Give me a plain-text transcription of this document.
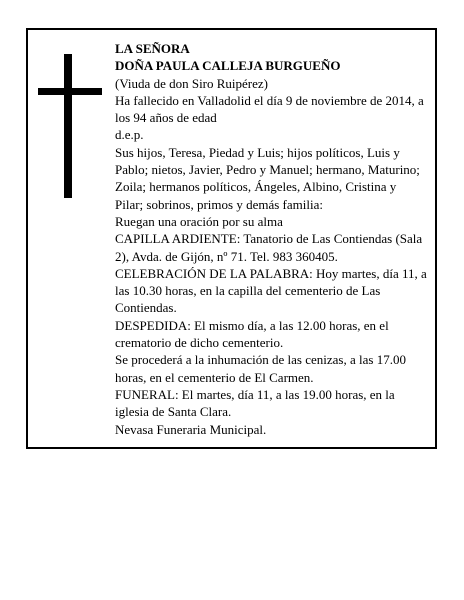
LA SEÑORA

DOÑA PAULA CALLEJA BURGUEÑO

(Viuda de don Siro Ruipérez)

Ha fallecido en Valladolid el día 9 de noviembre de 2014, a los 94 años de edad

d.e.p.

Sus hijos, Teresa, Piedad y Luis; hijos políticos, Luis y Pablo; nietos, Javier, Pedro y Manuel; hermano, Maturino; Zoila; hermanos políticos, Ángeles, Albino, Cristina y Pilar; sobrinos, primos y demás familia:

Ruegan una oración por su alma

CAPILLA ARDIENTE: Tanatorio de Las Contiendas (Sala 2), Avda. de Gijón, nº 71. Tel. 983 360405.

CELEBRACIÓN DE LA PALABRA: Hoy martes, día 11, a las 10.30 horas, en la capilla del cementerio de Las Contiendas.

DESPEDIDA: El mismo día, a las 12.00 horas, en el crematorio de dicho cementerio.

Se procederá a la inhumación de las cenizas, a las 17.00 horas, en el cementerio de El Carmen.

FUNERAL: El martes, día 11, a las 19.00 horas, en la iglesia de Santa Clara.

Nevasa Funeraria Municipal.
